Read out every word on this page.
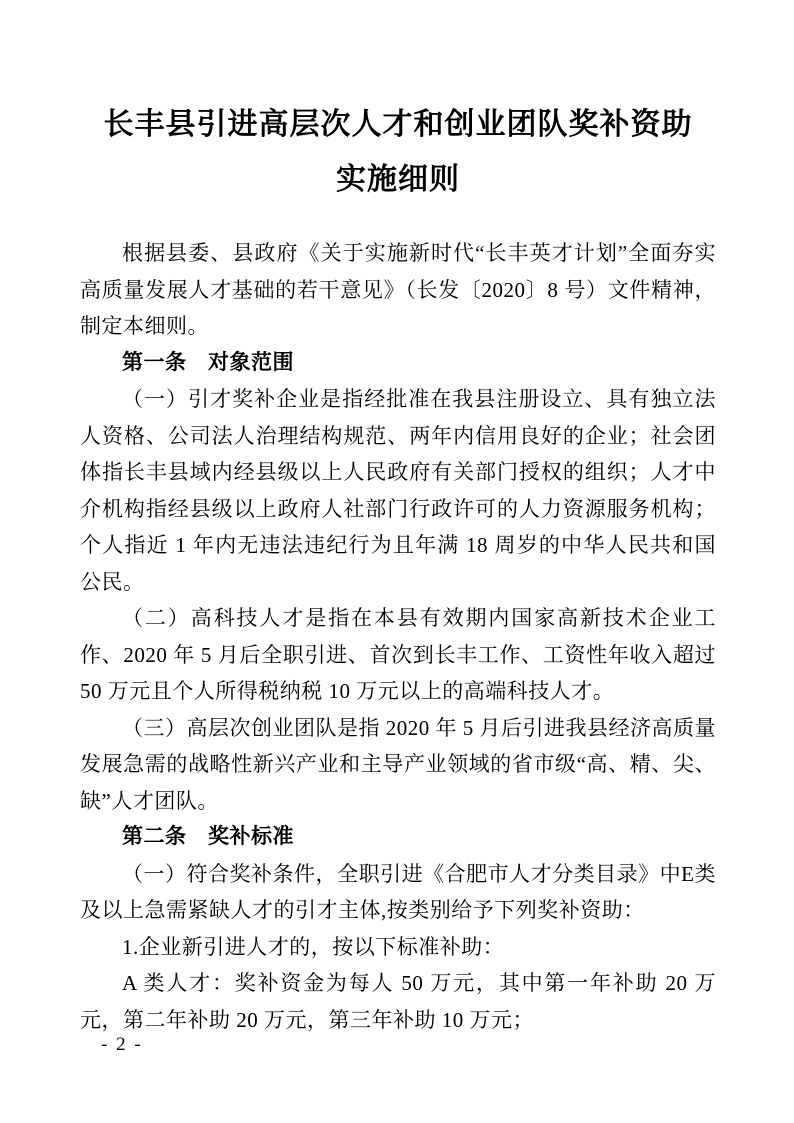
长丰县引进高层次人才和创业团队奖补资助
实施细则

根据县委、县政府《关于实施新时代“长丰英才计划”全面夯实高质量发展人才基础的若干意见》（长发〔2020〕8 号）文件精神，制定本细则。

第一条　对象范围

（一）引才奖补企业是指经批准在我县注册设立、具有独立法人资格、公司法人治理结构规范、两年内信用良好的企业；社会团体指长丰县域内经县级以上人民政府有关部门授权的组织；人才中介机构指经县级以上政府人社部门行政许可的人力资源服务机构；个人指近 1 年内无违法违纪行为且年满 18 周岁的中华人民共和国公民。

（二）高科技人才是指在本县有效期内国家高新技术企业工作、2020 年 5 月后全职引进、首次到长丰工作、工资性年收入超过 50 万元且个人所得税纳税 10 万元以上的高端科技人才。

（三）高层次创业团队是指 2020 年 5 月后引进我县经济高质量发展急需的战略性新兴产业和主导产业领域的省市级“高、精、尖、缺”人才团队。

第二条　奖补标准

（一）符合奖补条件，全职引进《合肥市人才分类目录》中E类及以上急需紧缺人才的引才主体,按类别给予下列奖补资助：

1.企业新引进人才的，按以下标准补助：

A 类人才：奖补资金为每人 50 万元，其中第一年补助 20 万元，第二年补助 20 万元，第三年补助 10 万元；

- 2 -
